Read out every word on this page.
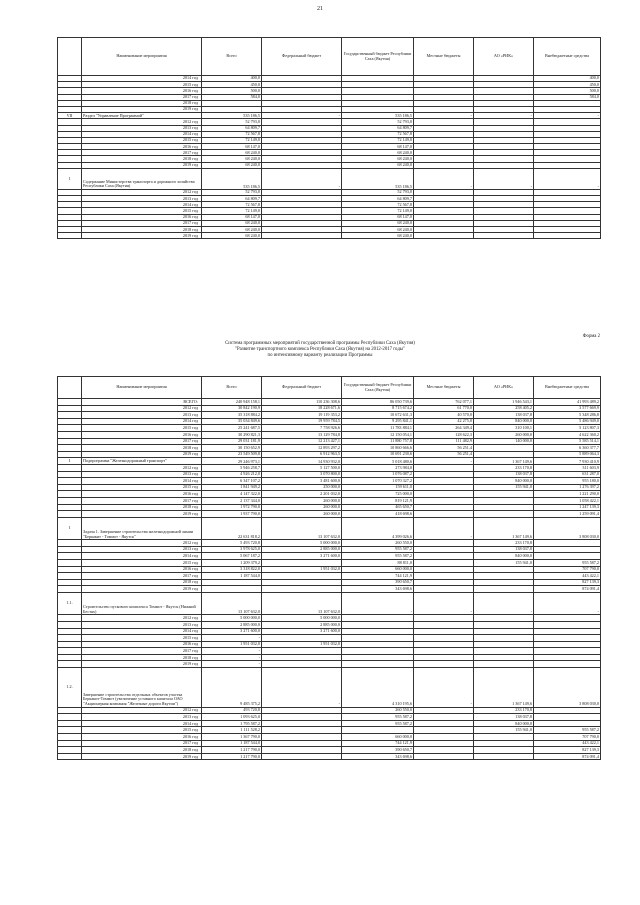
21
	Наименование мероприятия	Всего	Федеральный бюджет	Государственный бюджет Республики Саха (Якутия)	Местные бюджеты	АО «РИК»	Внебюджетные средства
	2014 год	400,0					400,0
	2015 год	450,0					450,0
	2016 год	500,0					500,0
	2017 год	584,0					584,0
	2018 год						
	2019 год						
VII	Раздел "Управление Программой"	535 186,5	-	535 186,5	-	-	-
	2012 год	52 793,0		52 793,0			
	2013 год	64 809,7		64 809,7			
	2014 год	72 567,8		72 567,8			
	2015 год	72 149,0		72 149,0			
	2016 год	68 147,0		68 147,0			
	2017 год	68 240,0		68 240,0			
	2018 год	68 240,0		68 240,0			
	2019 год	68 240,0		68 240,0			
1	Содержание Министерства транспорта и дорожного хозяйства Республики Саха (Якутия)	535 186,5	-	535 186,5	-	-	-
	2012 год	52 793,0		52 793,0			
	2013 год	64 809,7		64 809,7			
	2014 год	72 567,8		72 567,8			
	2015 год	72 149,0		72 149,0			
	2016 год	68 147,0		68 147,0			
	2017 год	68 240,0		68 240,0			
	2018 год	68 240,0		68 240,0			
	2019 год	68 240,0		68 240,0			
Форма 2
Система программных мероприятий государственной программы Республики Саха (Якутия)
"Развитие транспортного комплекса Республики Саха (Якутия) на 2012-2017 годы"
по интенсивному варианту реализации Программы
	Наименование мероприятия	Всего	Федеральный бюджет	Государственный бюджет Республики Саха (Якутия)	Местные бюджеты	АО «РИК»	Внебюджетные средства
	ВСЕГО:	240 948 158,1	110 236 308,6	86 050 739,6	762 077,1	1 946 543,1	41 993 489,2
	2012 год	30 842 190,9	18 228 671,6	8 715 674,2	61 770,0	258 405,2	3 577 669,9
	2013 год	35 318 884,2	19 119 353,2	10 672 631,3	40 570,0	138 037,8	5 348 286,8
	2014 год	35 034 849,6	19 959 784,5	9 295 841,1	42 275,0	840 000,0	5 486 949,0
	2015 год	25 241 687,5	7 758 926,6	11 783 884,1	264 349,4	310 100,1	5 123 807,3
	2016 год	30 290 821,3	13 129 784,8	12 150 054,1	128 622,3	260 000,0	4 622 360,2
	2017 год	29 031 181,9	12 213 427,1	11 880 757,8	111 482,9	140 000,0	5 585 514,1
	2018 год	30 150 652,9	12 893 297,2	10 860 666,6	56 251,4		6 360 377,7
	2019 год	23 549 509,8	6 912 963,5	10 691 230,6	56 251,4		5 889 064,3
I	Подпрограмма "Железнодорожный транспорт"	29 246 973,1	14 930 932,0	5 018 480,6	-	1 367 149,6	7 930 410,9
	2012 год	5 946 258,7	5 127 500,0	273 984,0		233 170,8	311 603,9
	2013 год	4 926 212,0	3 070 800,0	1 076 087,2		138 037,8	631 287,0
	2014 год	6 347 107,2	3 481 600,0	1 070 327,2		840 000,0	955 180,0
	2015 год	1 841 949,2	250 000,0	159 611,0		155 941,0	1 276 397,2
	2016 год	4 147 322,0	2 201 032,0	725 000,0			1 221 290,0
	2017 год	2 137 344,0	260 000,0	819 121,9			1 058 422,1
	2018 год	1 972 790,0	260 000,0	465 650,7			1 247 139,3
	2019 год	1 937 790,0	260 000,0	418 698,6			1 259 091,4
1	Задача 1. Завершение строительства железнодорожной линии "Беркакит - Томмот - Якутск"	22 631 818,2	13 107 632,0	4 399 026,6	-	1 367 149,6	3 808 030,0
	2012 год	5 493 720,8	5 000 000,0	260 550,0		233 170,8	
	2013 год	3 978 625,0	2 885 000,0	955 587,2		138 037,8	
	2014 год	5 067 187,2	3 271 600,0	955 587,2		840 000,0	
	2015 год	1 209 379,2		88 811,0		155 941,0	955 587,2
	2016 год	3 318 822,0	1 951 032,0	660 000,0			707 790,0
	2017 год	1 187 544,0		744 121,9			443 422,1
	2018 год			390 650,7			827 139,3
	2019 год			343 698,6			874 091,4
1.1.	Строительство пускового комплекса Томмот - Якутск (Нижний Бестях)	13 107 632,0	13 107 632,0	-	-	-	-
	2012 год	5 000 000,0	5 000 000,0				
	2013 год	2 885 000,0	2 885 000,0				
	2014 год	3 271 600,0	3 271 600,0				
	2015 год	-					
	2016 год	1 951 032,0	1 951 032,0				
	2017 год	-					
	2018 год	-					
	2019 год	-					
1.2.	Завершение строительства отдельных объектов участка Беркакит-Томмот (увеличение уставного капитала ОАО "Акционерная компания "Железные дороги Якутии")	9 485 375,2	-	4 310 195,6	-	1 367 149,6	3 808 030,0
	2012 год	493 720,8		260 550,0		233 170,8	
	2013 год	1 093 625,0		955 587,2		138 037,8	
	2014 год	1 795 587,2		955 587,2		840 000,0	
	2015 год	1 111 528,2				155 941,0	955 587,2
	2016 год	1 367 790,0		660 000,0			707 790,0
	2017 год	1 187 544,0		744 121,9			443 422,1
	2018 год	1 217 790,0		390 650,7			827 139,3
	2019 год	1 217 790,0		343 698,6			874 091,4
